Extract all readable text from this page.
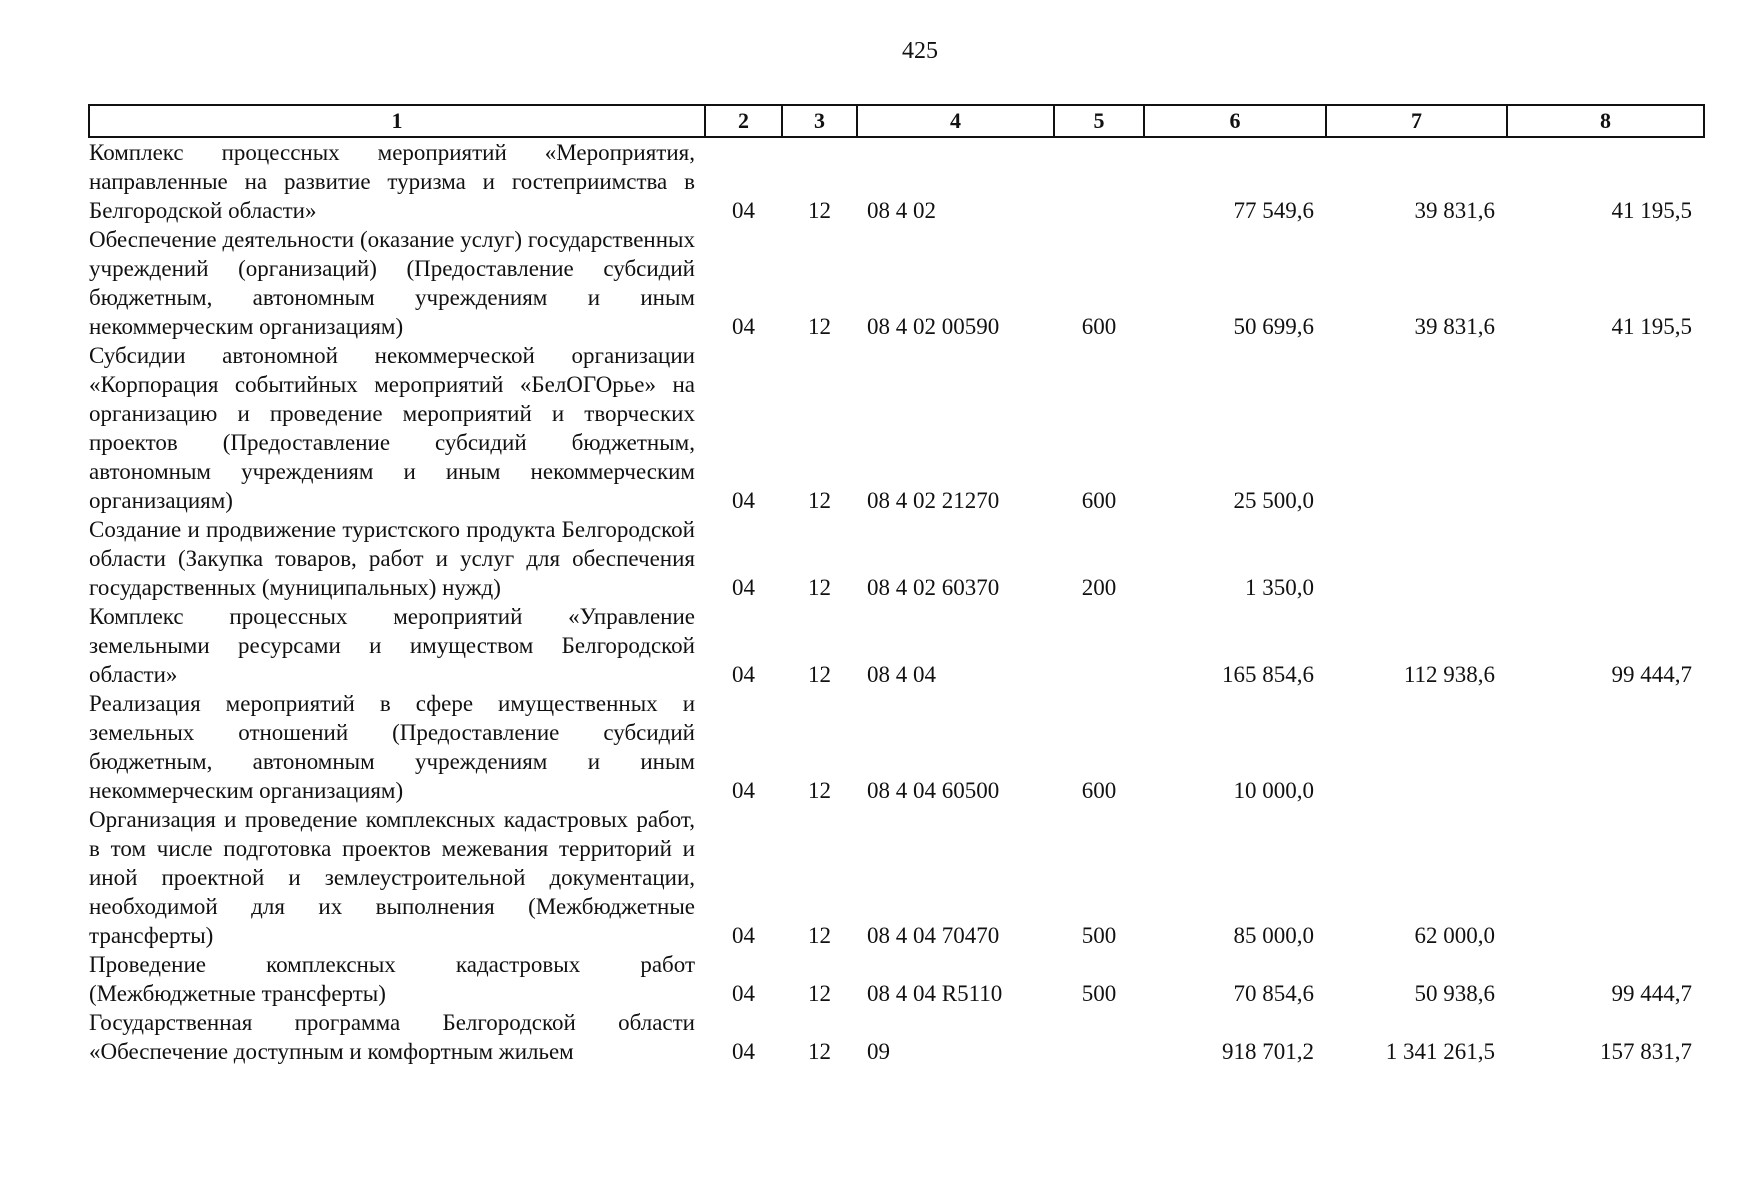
425
1	2	3	4	5	6	7	8
Комплекс процессных мероприятий «Мероприятия, направленные на развитие туризма и гостеприимства в Белгородской области»	04	12	08 4 02		77 549,6	39 831,6	41 195,5
Обеспечение деятельности (оказание услуг) государственных учреждений (организаций) (Предоставление субсидий бюджетным, автономным учреждениям и иным некоммерческим организациям)	04	12	08 4 02 00590	600	50 699,6	39 831,6	41 195,5
Субсидии автономной некоммерческой организации «Корпорация событийных мероприятий «БелОГОрье» на организацию и проведение мероприятий и творческих проектов (Предоставление субсидий бюджетным, автономным учреждениям и иным некоммерческим организациям)	04	12	08 4 02 21270	600	25 500,0		
Создание и продвижение туристского продукта Белгородской области (Закупка товаров, работ и услуг для обеспечения государственных (муниципальных) нужд)	04	12	08 4 02 60370	200	1 350,0		
Комплекс процессных мероприятий «Управление земельными ресурсами и имуществом Белгородской области»	04	12	08 4 04		165 854,6	112 938,6	99 444,7
Реализация мероприятий в сфере имущественных и земельных отношений (Предоставление субсидий бюджетным, автономным учреждениям и иным некоммерческим организациям)	04	12	08 4 04 60500	600	10 000,0		
Организация и проведение комплексных кадастровых работ, в том числе подготовка проектов межевания территорий и иной проектной и землеустроительной документации, необходимой для их выполнения (Межбюджетные трансферты)	04	12	08 4 04 70470	500	85 000,0	62 000,0	
Проведение комплексных кадастровых работ (Межбюджетные трансферты)	04	12	08 4 04 R5110	500	70 854,6	50 938,6	99 444,7
Государственная программа Белгородской области «Обеспечение доступным и комфортным жильем	04	12	09		918 701,2	1 341 261,5	157 831,7
